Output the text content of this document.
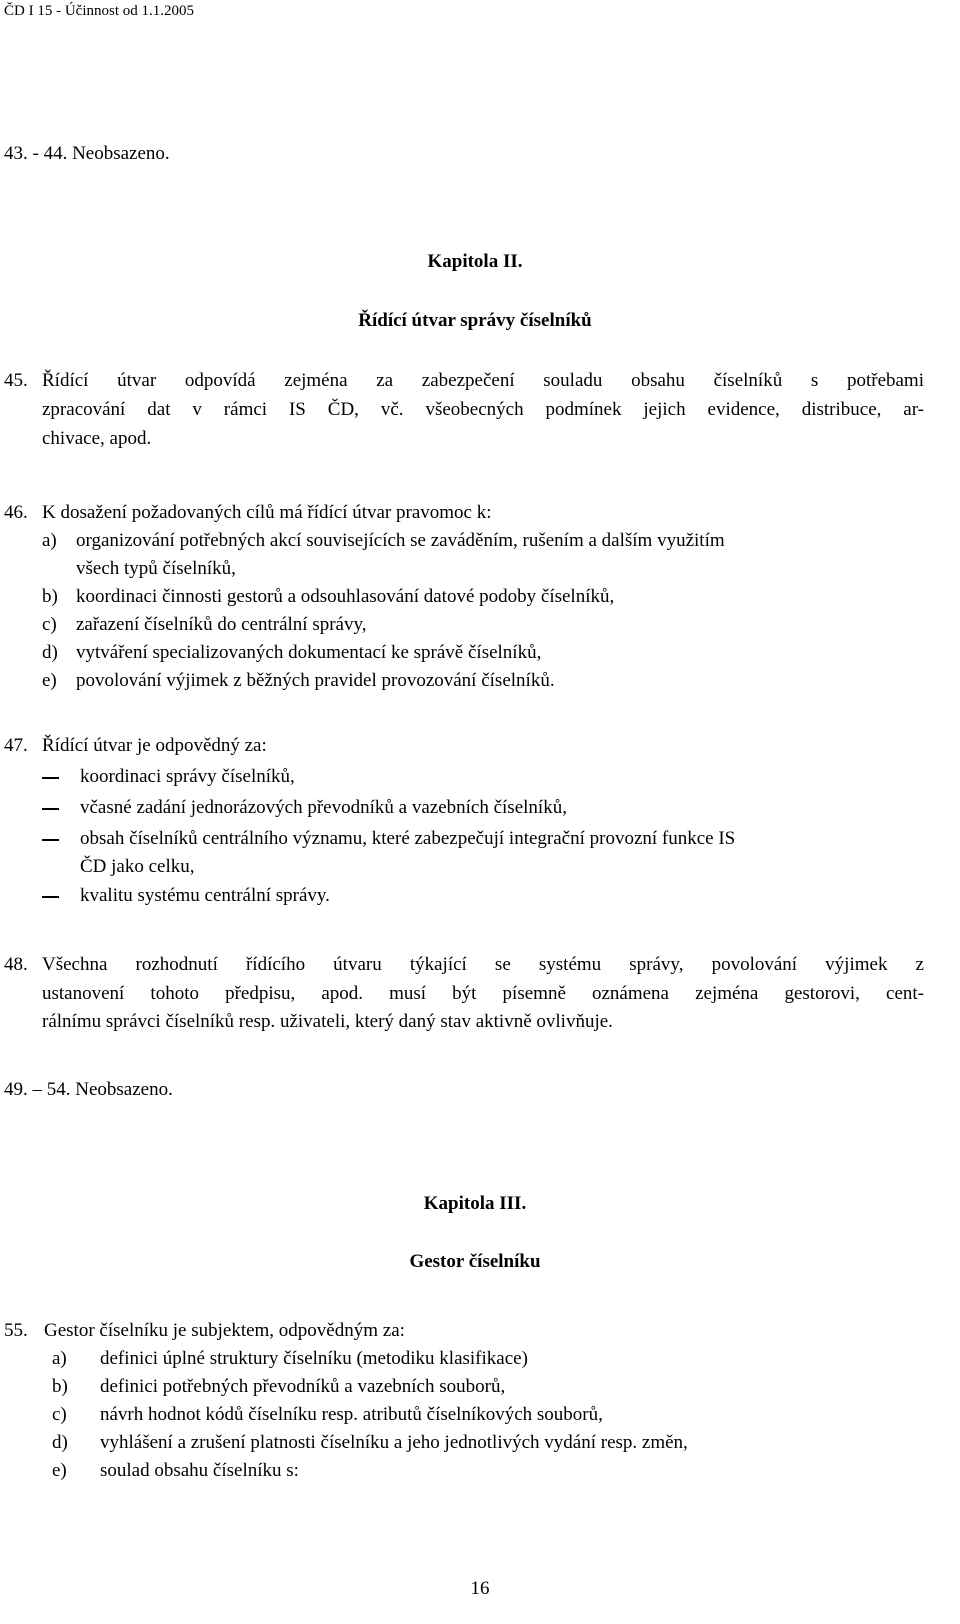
ČD I 15 - Účinnost od 1.1.2005
43. - 44. Neobsazeno.
Kapitola II.
Řídící útvar správy číselníků
45. Řídící útvar odpovídá zejména za zabezpečení souladu obsahu číselníků s potřebami
zpracování dat v rámci IS ČD, vč. všeobecných podmínek jejich evidence, distribuce, ar-
chivace, apod.
46. K dosažení požadovaných cílů má řídící útvar pravomoc k:
a) organizování potřebných akcí souvisejících se zaváděním, rušením a dalším využitím
všech typů číselníků,
b) koordinaci činnosti gestorů a odsouhlasování datové podoby číselníků,
c) zařazení číselníků do centrální správy,
d) vytváření specializovaných dokumentací ke správě číselníků,
e) povolování výjimek z běžných pravidel provozování číselníků.
47. Řídící útvar je odpovědný za:
koordinaci správy číselníků,
včasné zadání jednorázových převodníků a vazebních číselníků,
obsah číselníků centrálního významu, které zabezpečují integrační provozní funkce IS
ČD jako celku,
kvalitu systému centrální správy.
48. Všechna rozhodnutí řídícího útvaru týkající se systému správy, povolování výjimek z
ustanovení tohoto předpisu, apod. musí být písemně oznámena zejména gestorovi, cent-
rálnímu správci číselníků resp. uživateli, který daný stav aktivně ovlivňuje.
49. – 54. Neobsazeno.
Kapitola III.
Gestor číselníku
55. Gestor číselníku je subjektem, odpovědným za:
a) definici úplné struktury číselníku (metodiku klasifikace)
b) definici potřebných převodníků a vazebních souborů,
c) návrh hodnot kódů číselníku resp. atributů číselníkových souborů,
d) vyhlášení a zrušení platnosti číselníku a jeho jednotlivých vydání resp. změn,
e) soulad obsahu číselníku s:
16
